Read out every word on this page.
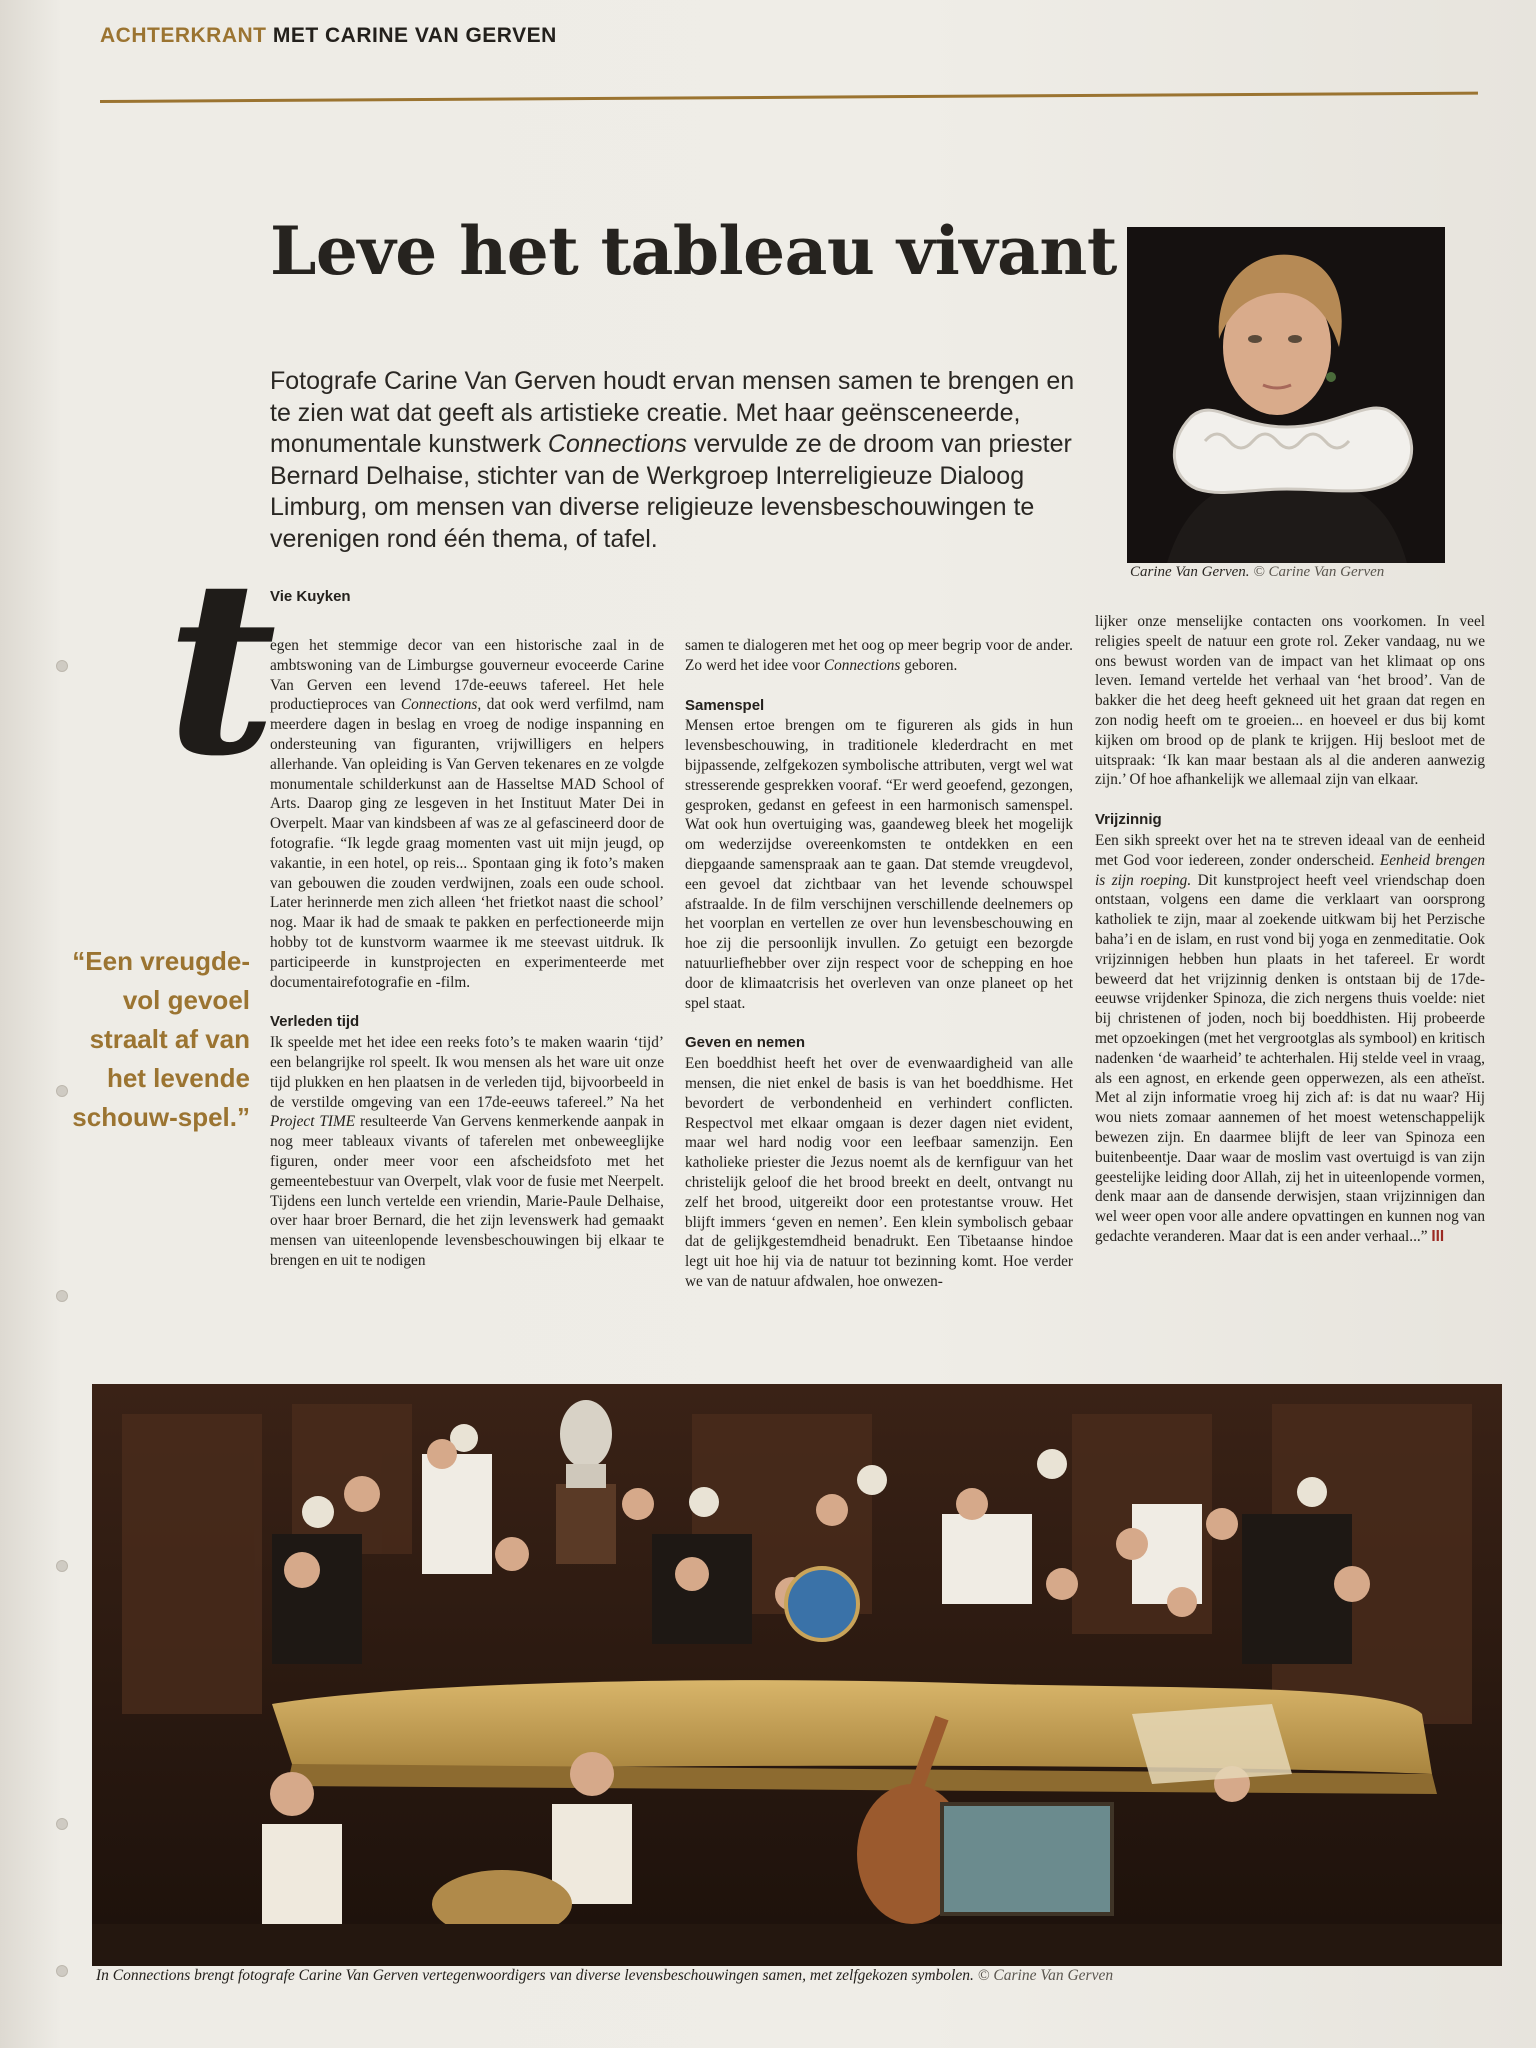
ACHTERKRANT MET CARINE VAN GERVEN
Leve het tableau vivant
Fotografe Carine Van Gerven houdt ervan mensen samen te brengen en te zien wat dat geeft als artistieke creatie. Met haar geënsceneerde, monumentale kunstwerk Connections vervulde ze de droom van priester Bernard Delhaise, stichter van de Werkgroep Interreligieuze Dialoog Limburg, om mensen van diverse religieuze levensbeschouwingen te verenigen rond één thema, of tafel.
Carine Van Gerven. © Carine Van Gerven
t
Vie Kuyken
“Een vreugde-vol gevoel straalt af van het levende schouw-spel.”

egen het stemmige decor van een historische zaal in de ambtswoning van de Limburgse gouverneur evoceerde Carine Van Gerven een levend 17de-eeuws tafereel. Het hele productieproces van Connections, dat ook werd verfilmd, nam meerdere dagen in beslag en vroeg de nodige inspanning en ondersteuning van figuranten, vrijwilligers en helpers allerhande. Van opleiding is Van Gerven tekenares en ze volgde monumentale schilderkunst aan de Hasseltse MAD School of Arts. Daarop ging ze lesgeven in het Instituut Mater Dei in Overpelt. Maar van kindsbeen af was ze al gefascineerd door de fotografie. “Ik legde graag momenten vast uit mijn jeugd, op vakantie, in een hotel, op reis... Spontaan ging ik foto’s maken van gebouwen die zouden verdwijnen, zoals een oude school. Later herinnerde men zich alleen ‘het frietkot naast die school’ nog. Maar ik had de smaak te pakken en perfectioneerde mijn hobby tot de kunstvorm waarmee ik me steevast uitdruk. Ik participeerde in kunstprojecten en experimenteerde met documentairefotografie en -film.

Verleden tijd

Ik speelde met het idee een reeks foto’s te maken waarin ‘tijd’ een belangrijke rol speelt. Ik wou mensen als het ware uit onze tijd plukken en hen plaatsen in de verleden tijd, bijvoorbeeld in de verstilde omgeving van een 17de-eeuws tafereel.” Na het Project TIME resulteerde Van Gervens kenmerkende aanpak in nog meer tableaux vivants of taferelen met onbeweeglijke figuren, onder meer voor een afscheidsfoto met het gemeentebestuur van Overpelt, vlak voor de fusie met Neerpelt. Tijdens een lunch vertelde een vriendin, Marie-Paule Delhaise, over haar broer Bernard, die het zijn levenswerk had gemaakt mensen van uiteenlopende levensbeschouwingen bij elkaar te brengen en uit te nodigen

samen te dialogeren met het oog op meer begrip voor de ander. Zo werd het idee voor Connections geboren.

Samenspel

Mensen ertoe brengen om te figureren als gids in hun levensbeschouwing, in traditionele klederdracht en met bijpassende, zelfgekozen symbolische attributen, vergt wel wat stresserende gesprekken vooraf. “Er werd geoefend, gezongen, gesproken, gedanst en gefeest in een harmonisch samenspel. Wat ook hun overtuiging was, gaandeweg bleek het mogelijk om wederzijdse overeenkomsten te ontdekken en een diepgaande samenspraak aan te gaan. Dat stemde vreugdevol, een gevoel dat zichtbaar van het levende schouwspel afstraalde. In de film verschijnen verschillende deelnemers op het voorplan en vertellen ze over hun levensbeschouwing en hoe zij die persoonlijk invullen. Zo getuigt een bezorgde natuurliefhebber over zijn respect voor de schepping en hoe door de klimaatcrisis het overleven van onze planeet op het spel staat.

Geven en nemen

Een boeddhist heeft het over de evenwaardigheid van alle mensen, die niet enkel de basis is van het boeddhisme. Het bevordert de verbondenheid en verhindert conflicten. Respectvol met elkaar omgaan is dezer dagen niet evident, maar wel hard nodig voor een leefbaar samenzijn. Een katholieke priester die Jezus noemt als de kernfiguur van het christelijk geloof die het brood breekt en deelt, ontvangt nu zelf het brood, uitgereikt door een protestantse vrouw. Het blijft immers ‘geven en nemen’. Een klein symbolisch gebaar dat de gelijkgestemdheid benadrukt. Een Tibetaanse hindoe legt uit hoe hij via de natuur tot bezinning komt. Hoe verder we van de natuur afdwalen, hoe onwezen-

lijker onze menselijke contacten ons voorkomen. In veel religies speelt de natuur een grote rol. Zeker vandaag, nu we ons bewust worden van de impact van het klimaat op ons leven. Iemand vertelde het verhaal van ‘het brood’. Van de bakker die het deeg heeft gekneed uit het graan dat regen en zon nodig heeft om te groeien... en hoeveel er dus bij komt kijken om brood op de plank te krijgen. Hij besloot met de uitspraak: ‘Ik kan maar bestaan als al die anderen aanwezig zijn.’ Of hoe afhankelijk we allemaal zijn van elkaar.

Vrijzinnig

Een sikh spreekt over het na te streven ideaal van de eenheid met God voor iedereen, zonder onderscheid. Eenheid brengen is zijn roeping. Dit kunstproject heeft veel vriendschap doen ontstaan, volgens een dame die verklaart van oorsprong katholiek te zijn, maar al zoekende uitkwam bij het Perzische baha’i en de islam, en rust vond bij yoga en zenmeditatie. Ook vrijzinnigen hebben hun plaats in het tafereel. Er wordt beweerd dat het vrijzinnig denken is ontstaan bij de 17de-eeuwse vrijdenker Spinoza, die zich nergens thuis voelde: niet bij christenen of joden, noch bij boeddhisten. Hij probeerde met opzoekingen (met het vergrootglas als symbool) en kritisch nadenken ‘de waarheid’ te achterhalen. Hij stelde veel in vraag, als een agnost, en erkende geen opperwezen, als een atheïst. Met al zijn informatie vroeg hij zich af: is dat nu waar? Hij wou niets zomaar aannemen of het moest wetenschappelijk bewezen zijn. En daarmee blijft de leer van Spinoza een buitenbeentje. Daar waar de moslim vast overtuigd is van zijn geestelijke leiding door Allah, zij het in uiteenlopende vormen, denk maar aan de dansende derwisjen, staan vrijzinnigen dan wel weer open voor alle andere opvattingen en kunnen nog van gedachte veranderen. Maar dat is een ander verhaal...” III

In Connections brengt fotografe Carine Van Gerven vertegenwoordigers van diverse levensbeschouwingen samen, met zelfgekozen symbolen. © Carine Van Gerven
